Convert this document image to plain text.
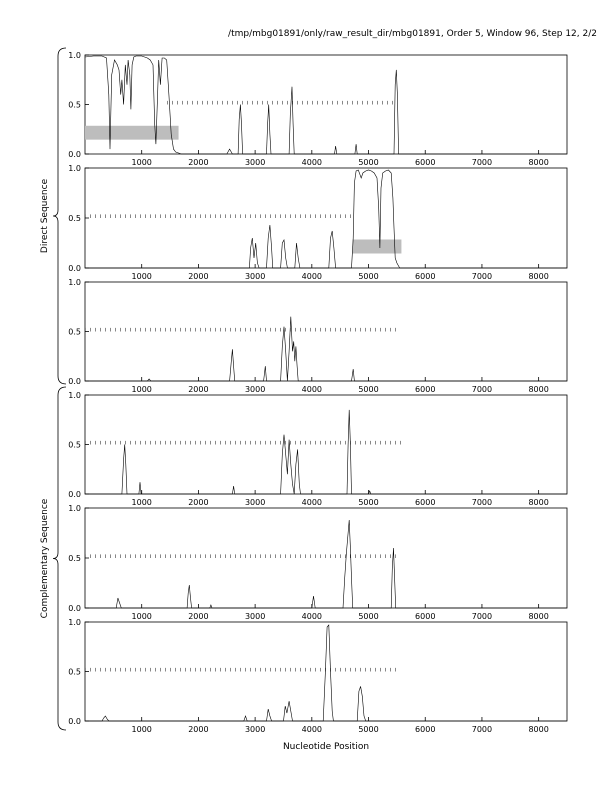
/tmp/mbg01891/only/raw_result_dir/mbg01891, Order 5, Window 96, Step 12, 2/2
0.0
0.5
1.0
1000	2000	3000	4000	5000	6000	7000	8000
0.0
0.5
1.0
1000	2000	3000	4000	5000	6000	7000	8000
0.0
0.5
1.0
1000	2000	3000	4000	5000	6000	7000	8000
0.0
0.5
1.0
1000	2000	3000	4000	5000	6000	7000	8000
0.0
0.5
1.0
1000	2000	3000	4000	5000	6000	7000	8000
0.0
0.5
1.0
1000	2000	3000	4000	5000	6000	7000	8000
Direct Sequence
Complementary Sequence
Nucleotide Position
